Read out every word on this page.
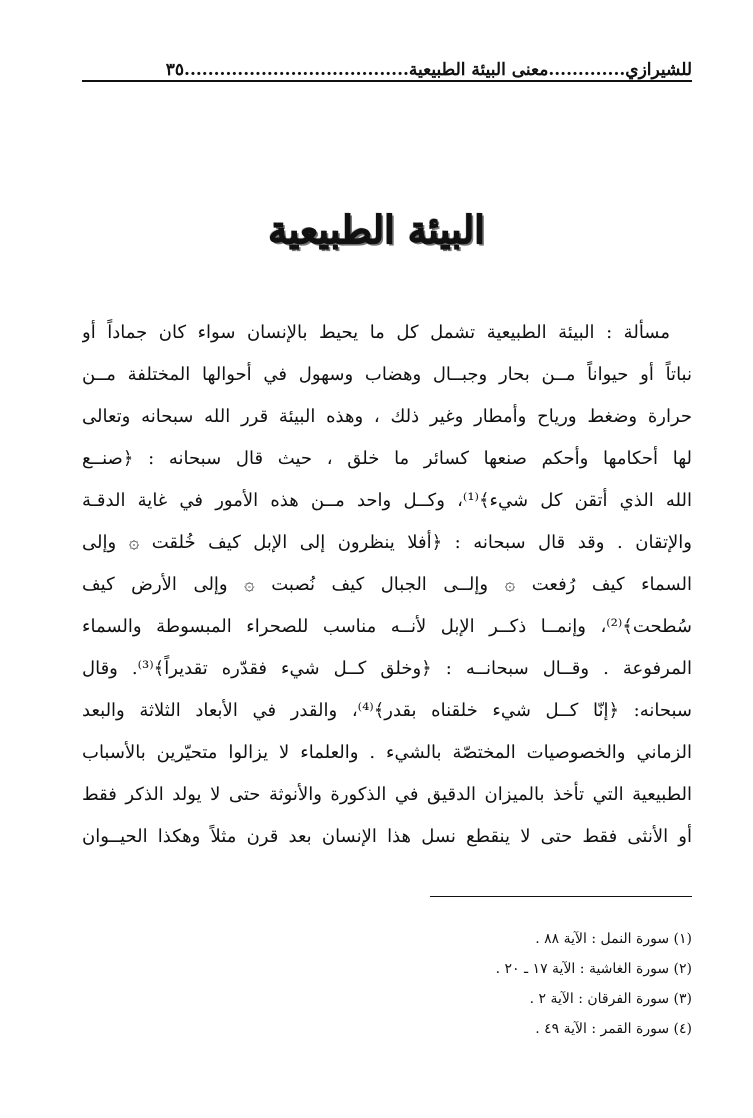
للشيرازي.............معنى البيئة الطبيعية......................................
٣٥
البيئة الطبيعية
مسألة : البيئة الطبيعية تشمل كل ما يحيط بالإنسان سواء كان جماداً أو
نباتاً أو حيواناً مــن بحار وجبــال وهضاب وسهول في أحوالها المختلفة مــن
حرارة وضغط ورياح وأمطار وغير ذلك ، وهذه البيئة قرر الله سبحانه وتعالى
لها أحكامها وأحكم صنعها كسائر ما خلق ، حيث قال سبحانه : ﴿صنــع
الله الذي أتقن كل شيء﴾⁽¹⁾، وكــل واحد مــن هذه الأمور في غاية الدقـة
والإتقان . وقد قال سبحانه : ﴿أفلا ينظرون إلى الإبل كيف خُلقت ۞ وإلى
السماء كيف رُفعت ۞ وإلــى الجبال كيف نُصبت ۞ وإلى الأرض كيف
سُطحت﴾⁽²⁾، وإنمــا ذكــر الإبل لأنــه مناسب للصحراء المبسوطة والسماء
المرفوعة . وقــال سبحانــه : ﴿وخلق كــل شيء فقدّره تقديراً﴾⁽³⁾. وقال
سبحانه: ﴿إنّا كــل شيء خلقناه بقدر﴾⁽⁴⁾، والقدر في الأبعاد الثلاثة والبعد
الزماني والخصوصيات المختصّة بالشيء . والعلماء لا يزالوا متحيّرين بالأسباب
الطبيعية التي تأخذ بالميزان الدقيق في الذكورة والأنوثة حتى لا يولد الذكر فقط
أو الأنثى فقط حتى لا ينقطع نسل هذا الإنسان بعد قرن مثلاً وهكذا الحيــوان
(١) سورة النمل : الآية ٨٨ .
(٢) سورة الغاشية : الآية ١٧ ـ ٢٠ .
(٣) سورة الفرقان : الآية ٢ .
(٤) سورة القمر : الآية ٤٩ .
